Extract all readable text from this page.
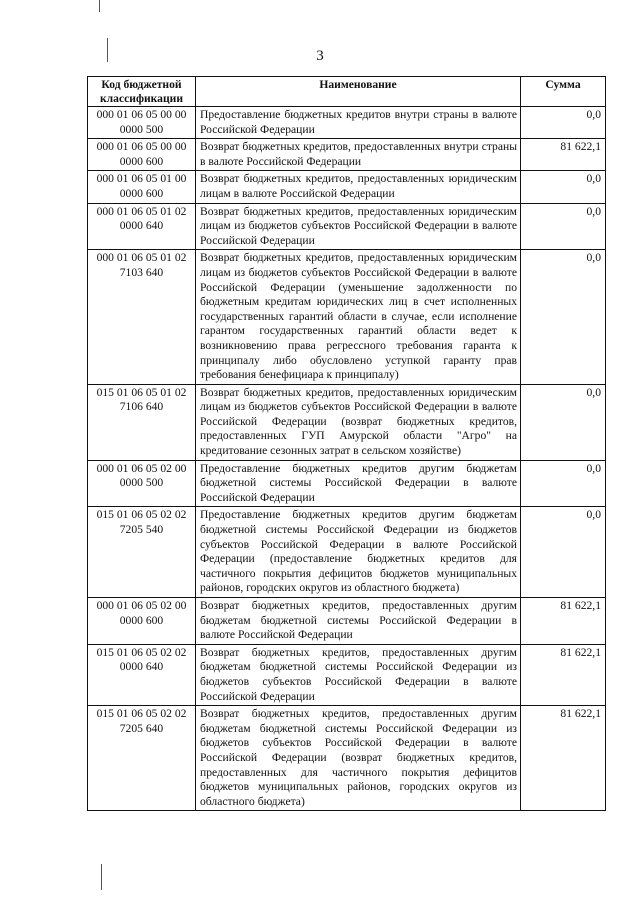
3
Код бюджетной классификации	Наименование	Сумма
000 01 06 05 00 00 0000 500	Предоставление бюджетных кредитов внутри страны в валюте Российской Федерации	0,0
000 01 06 05 00 00 0000 600	Возврат бюджетных кредитов, предоставленных внутри страны в валюте Российской Федерации	81 622,1
000 01 06 05 01 00 0000 600	Возврат бюджетных кредитов, предоставленных юридическим лицам в валюте Российской Федерации	0,0
000 01 06 05 01 02 0000 640	Возврат бюджетных кредитов, предоставленных юридическим лицам из бюджетов субъектов Российской Федерации в валюте Российской Федерации	0,0
000 01 06 05 01 02 7103 640	Возврат бюджетных кредитов, предоставленных юридическим лицам из бюджетов субъектов Российской Федерации в валюте Российской Федерации (уменьшение задолженности по бюджетным кредитам юридических лиц в счет исполненных государственных гарантий области в случае, если исполнение гарантом государственных гарантий области ведет к возникновению права регрессного требования гаранта к принципалу либо обусловлено уступкой гаранту прав требования бенефициара к принципалу)	0,0
015 01 06 05 01 02 7106 640	Возврат бюджетных кредитов, предоставленных юридическим лицам из бюджетов субъектов Российской Федерации в валюте Российской Федерации (возврат бюджетных кредитов, предоставленных ГУП Амурской области "Агро" на кредитование сезонных затрат в сельском хозяйстве)	0,0
000 01 06 05 02 00 0000 500	Предоставление бюджетных кредитов другим бюджетам бюджетной системы Российской Федерации в валюте Российской Федерации	0,0
015 01 06 05 02 02 7205 540	Предоставление бюджетных кредитов другим бюджетам бюджетной системы Российской Федерации из бюджетов субъектов Российской Федерации в валюте Российской Федерации (предоставление бюджетных кредитов для частичного покрытия дефицитов бюджетов муниципальных районов, городских округов из областного бюджета)	0,0
000 01 06 05 02 00 0000 600	Возврат бюджетных кредитов, предоставленных другим бюджетам бюджетной системы Российской Федерации в валюте Российской Федерации	81 622,1
015 01 06 05 02 02 0000 640	Возврат бюджетных кредитов, предоставленных другим бюджетам бюджетной системы Российской Федерации из бюджетов субъектов Российской Федерации в валюте Российской Федерации	81 622,1
015 01 06 05 02 02 7205 640	Возврат бюджетных кредитов, предоставленных другим бюджетам бюджетной системы Российской Федерации из бюджетов субъектов Российской Федерации в валюте Российской Федерации (возврат бюджетных кредитов, предоставленных для частичного покрытия дефицитов бюджетов муниципальных районов, городских округов из областного бюджета)	81 622,1
